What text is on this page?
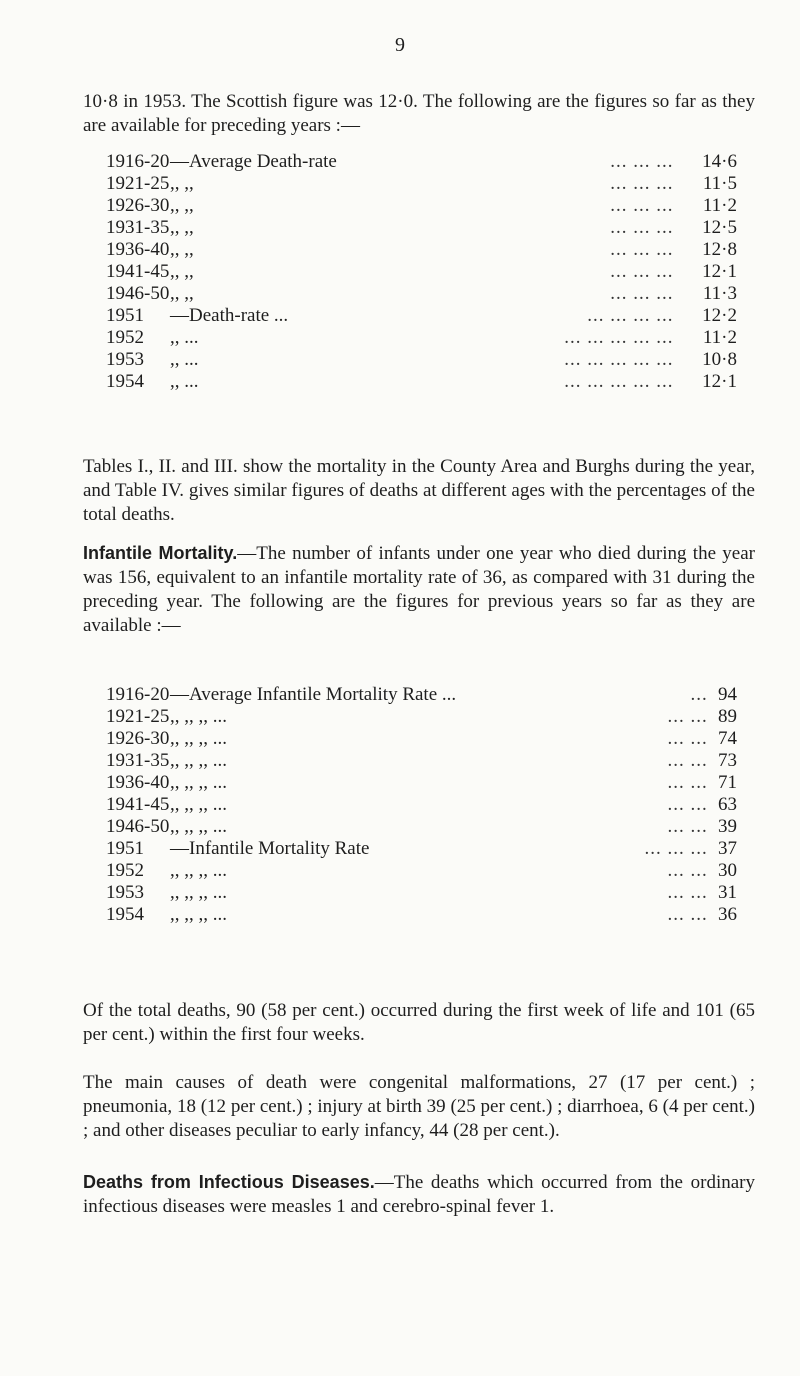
9

10·8 in 1953. The Scottish figure was 12·0. The following are the figures so far as they are available for preceding years :—

1916-20	—Average Death-rate	... ... ...	14·6
1921-25	,, ,,	... ... ...	11·5
1926-30	,, ,,	... ... ...	11·2
1931-35	,, ,,	... ... ...	12·5
1936-40	,, ,,	... ... ...	12·8
1941-45	,, ,,	... ... ...	12·1
1946-50	,, ,,	... ... ...	11·3
1951	—Death-rate ...	... ... ... ...	12·2
1952	,, ...	... ... ... ... ...	11·2
1953	,, ...	... ... ... ... ...	10·8
1954	,, ...	... ... ... ... ...	12·1

Tables I., II. and III. show the mortality in the County Area and Burghs during the year, and Table IV. gives similar figures of deaths at different ages with the percentages of the total deaths.

Infantile Mortality.—The number of infants under one year who died during the year was 156, equivalent to an infantile mortality rate of 36, as compared with 31 during the preceding year. The following are the figures for previous years so far as they are available :—

1916-20	—Average Infantile Mortality Rate ...	...	94
1921-25	,, ,, ,, ...	... ...	89
1926-30	,, ,, ,, ...	... ...	74
1931-35	,, ,, ,, ...	... ...	73
1936-40	,, ,, ,, ...	... ...	71
1941-45	,, ,, ,, ...	... ...	63
1946-50	,, ,, ,, ...	... ...	39
1951	—Infantile Mortality Rate	... ... ...	37
1952	,, ,, ,, ...	... ...	30
1953	,, ,, ,, ...	... ...	31
1954	,, ,, ,, ...	... ...	36

Of the total deaths, 90 (58 per cent.) occurred during the first week of life and 101 (65 per cent.) within the first four weeks.

The main causes of death were congenital malformations, 27 (17 per cent.) ; pneumonia, 18 (12 per cent.) ; injury at birth 39 (25 per cent.) ; diarrhoea, 6 (4 per cent.) ; and other diseases peculiar to early infancy, 44 (28 per cent.).

Deaths from Infectious Diseases.—The deaths which occurred from the ordinary infectious diseases were measles 1 and cerebro-spinal fever 1.
